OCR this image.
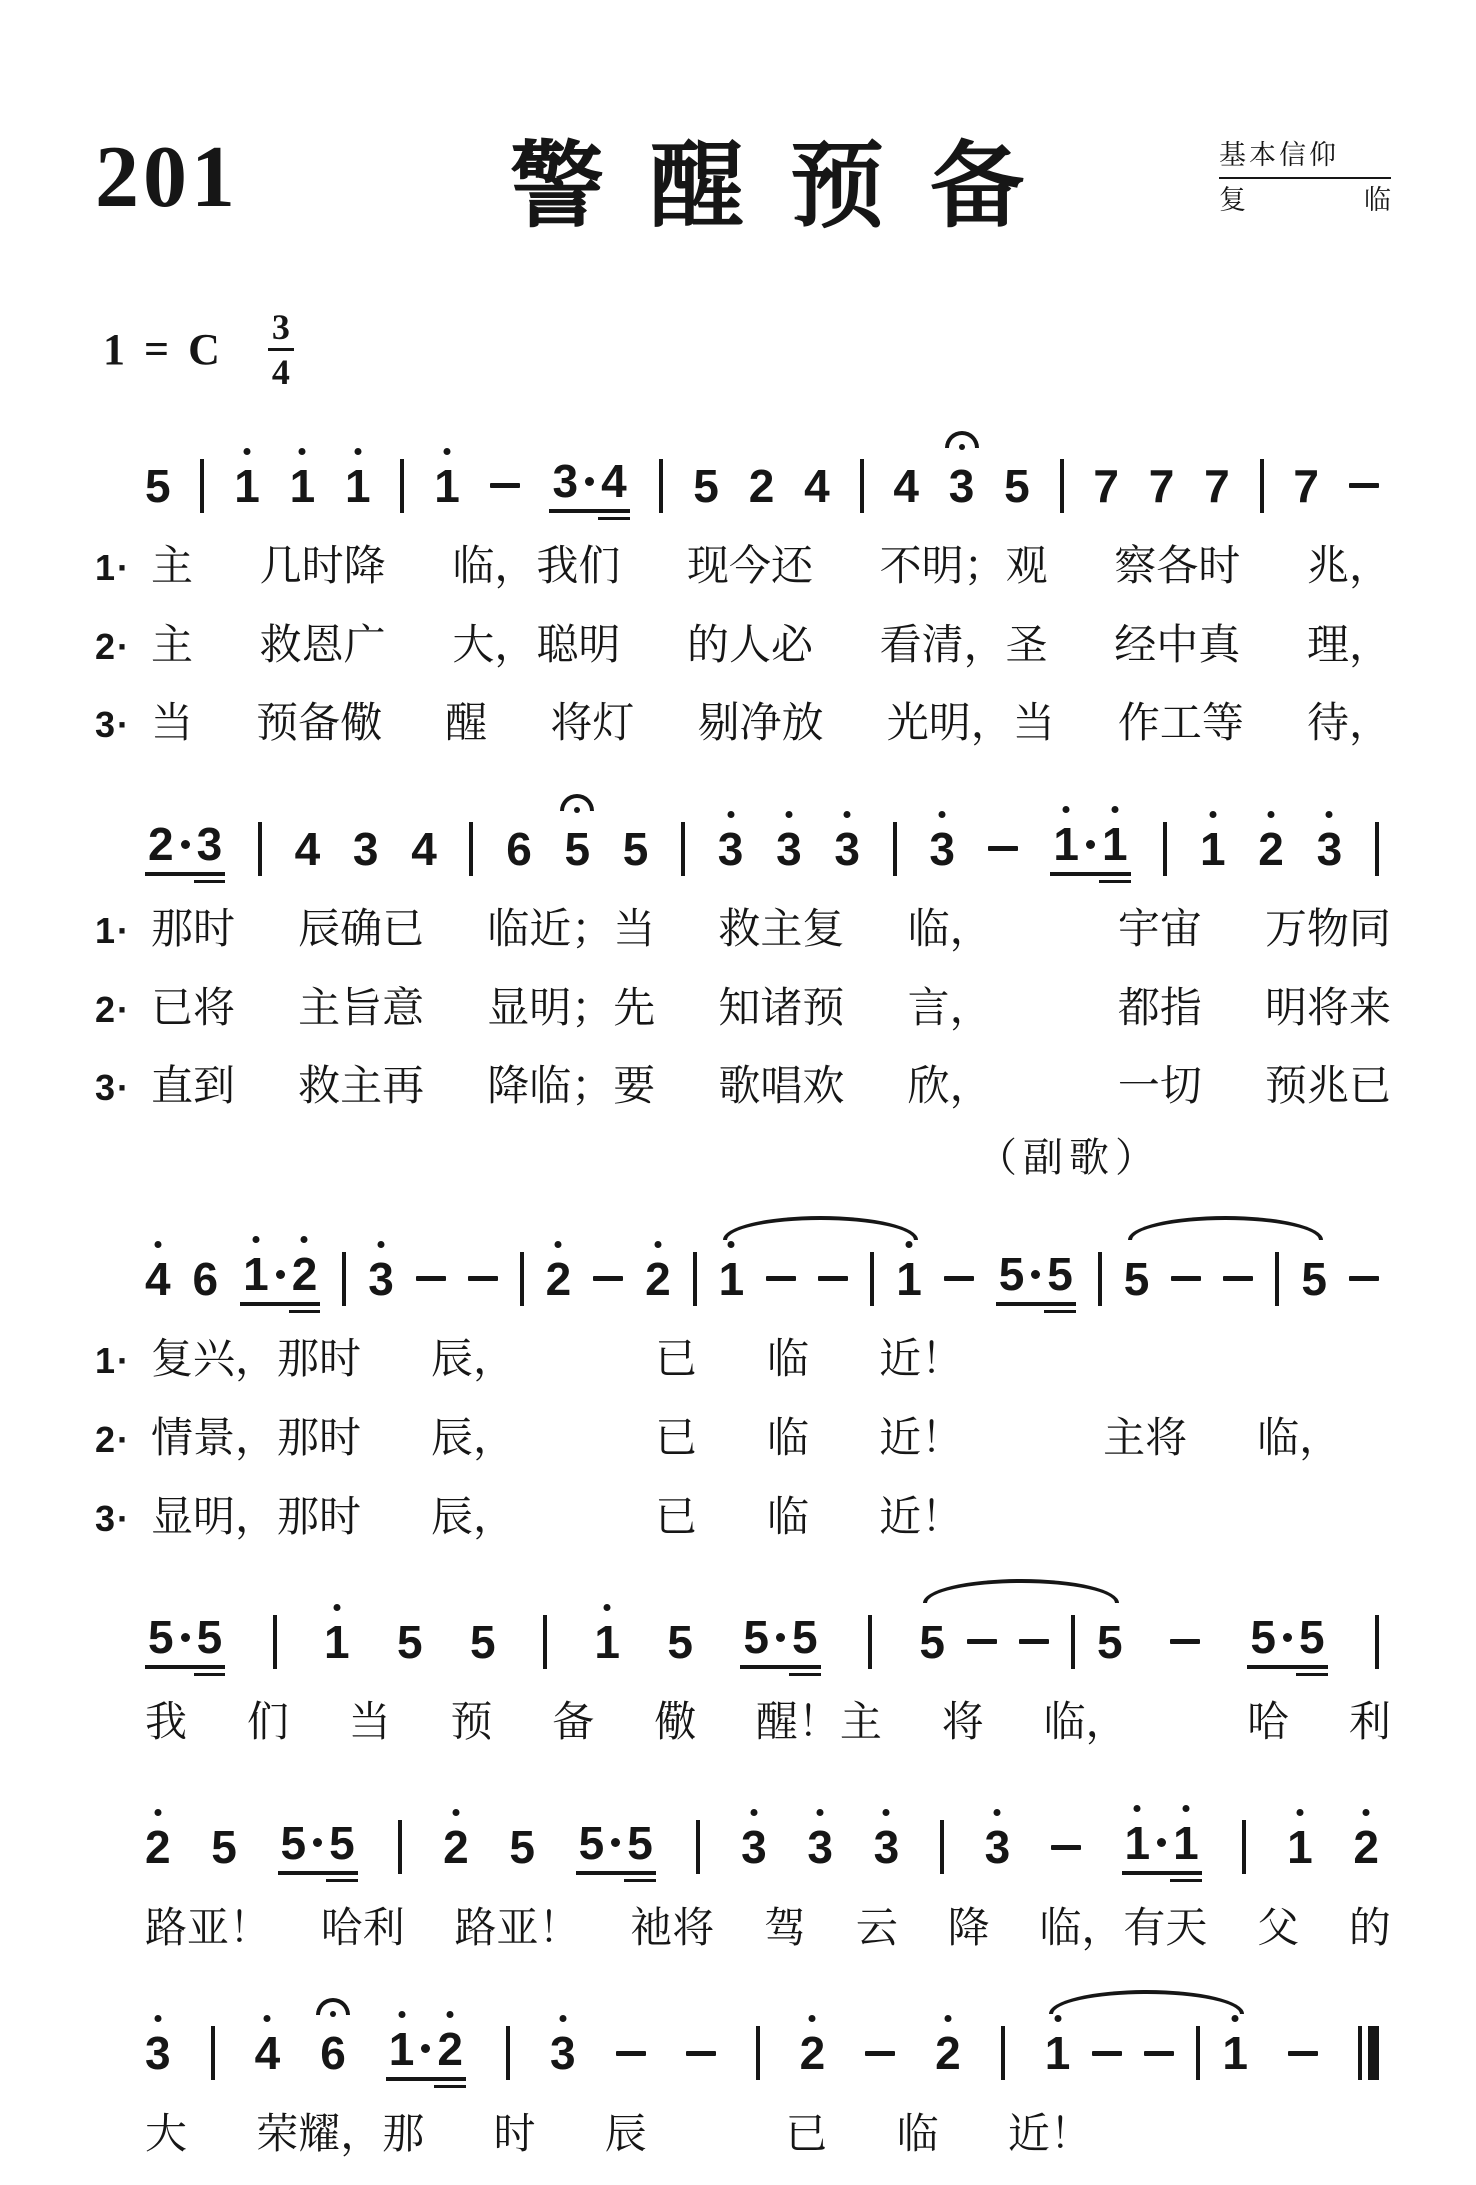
201	警醒预备	基本信仰
复	临
1 = C $\frac{3}{4}$
5 1 1 1 1 3 4 5 2 4 4 3 5 7 7 7 7
1 · 主 几时降 临，我们 现今还 不明；观 察各时 兆，
2 · 主 救恩广 大，聪明 的人必 看清，圣 经中真 理，
3 · 当 预备儆 醒 将灯 剔净放 光明，当 作工等 待，
2 3 4 3 4 6 5 5 3 3 3 3 1 1 1 2 3
1 · 那时 辰确已 临近；当 救主复 临，	宇宙 万物同
2 · 已将 主旨意 显明；先 知诸预 言，	都指 明将来
3 · 直到 救主再 降临；要 歌唱欢 欣，	一切 预兆已
（副歌）
4 6 1 2 3	2 2 1	1 5 5 5	5
1 · 复兴，那时 辰，	已 临 近！
2 · 情景，那时 辰，	已 临 近！	主将 临，
3 · 显明，那时 辰，	已 临 近！
5 5 1 5 5 1 5 5 5 5	5	5 5
我 们 当 预 备 儆 醒！主 将 临，	哈 利
2 5 5 5 2 5 5 5 3 3 3 3 1 1 1 2
路亚！ 哈利 路亚！ 祂将 驾 云 降 临，有天 父 的
3 4 6 1 2 3	2 2 1	1
大 荣耀，那 时 辰	已 临 近！
